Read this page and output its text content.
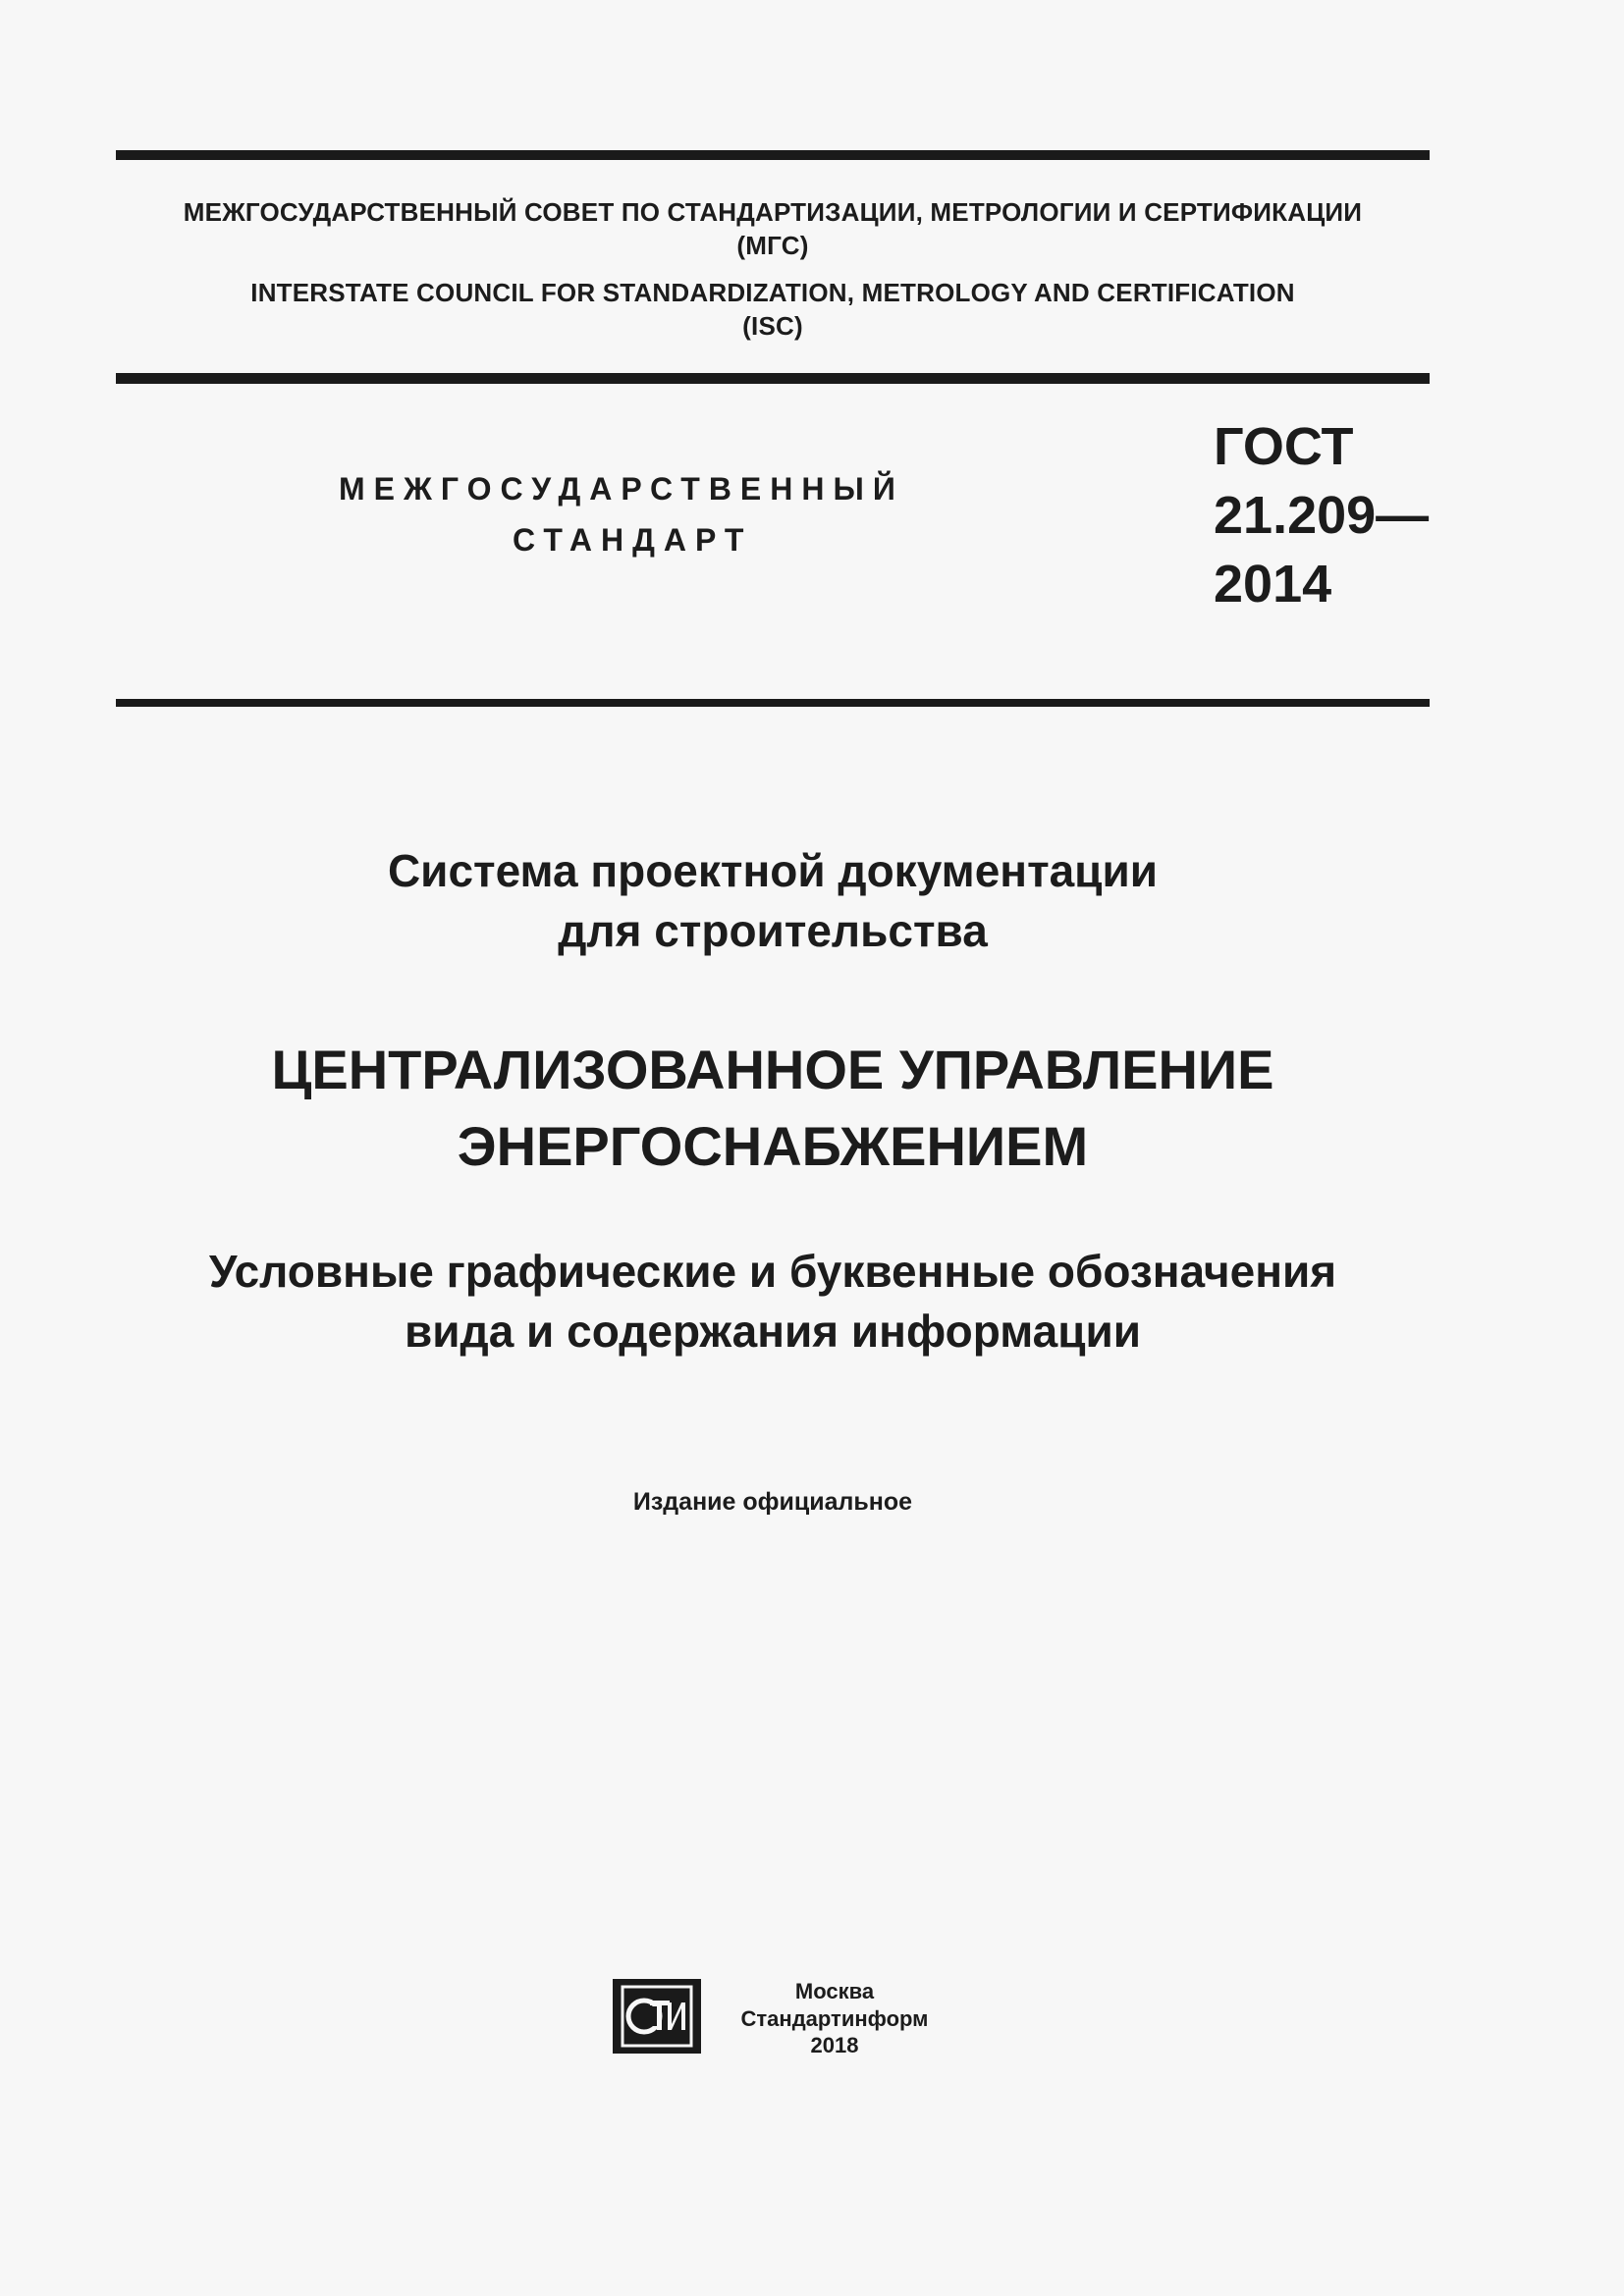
МЕЖГОСУДАРСТВЕННЫЙ СОВЕТ ПО СТАНДАРТИЗАЦИИ, МЕТРОЛОГИИ И СЕРТИФИКАЦИИ
(МГС)
INTERSTATE COUNCIL FOR STANDARDIZATION, METROLOGY AND CERTIFICATION
(ISC)
МЕЖГОСУДАРСТВЕННЫЙ
СТАНДАРТ
ГОСТ
21.209—
2014
Система проектной документации
для строительства
ЦЕНТРАЛИЗОВАННОЕ УПРАВЛЕНИЕ
ЭНЕРГОСНАБЖЕНИЕМ
Условные графические и буквенные обозначения
вида и содержания информации
Издание официальное
Москва
Стандартинформ
2018
